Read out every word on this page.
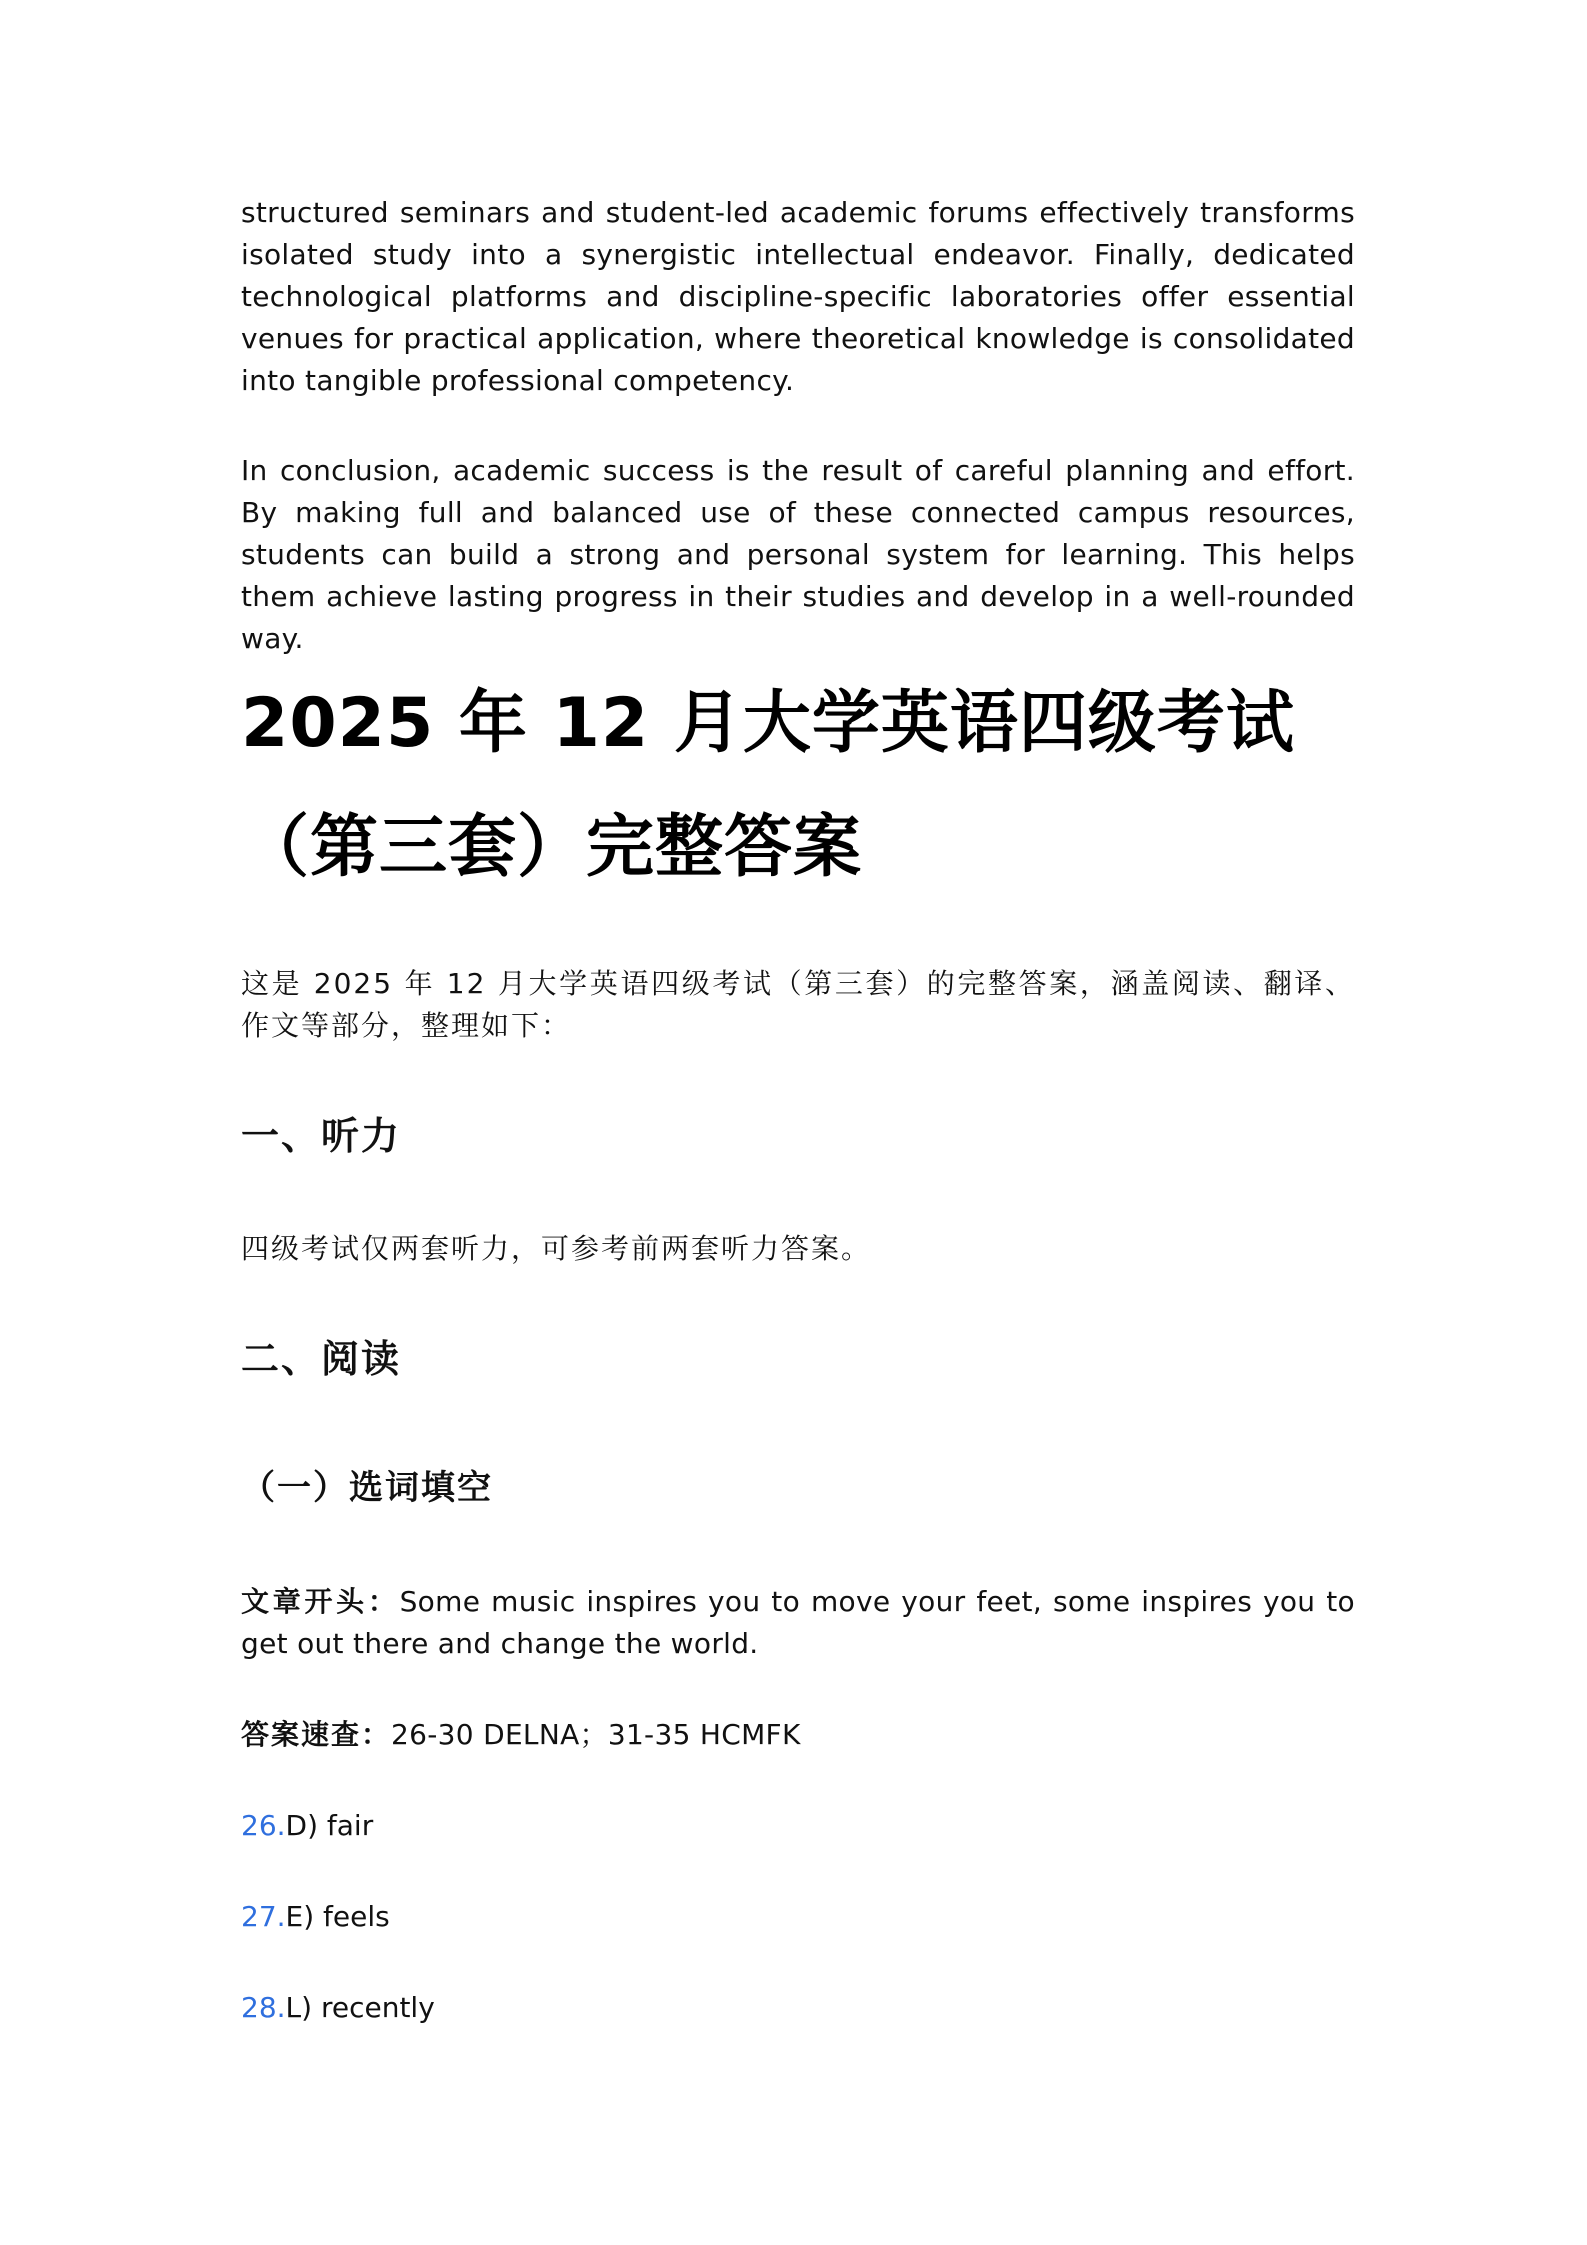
structured seminars and student-led academic forums effectively transforms isolated study into a synergistic intellectual endeavor. Finally, dedicated technological platforms and discipline-specific laboratories offer essential venues for practical application, where theoretical knowledge is consolidated into tangible professional competency.

In conclusion, academic success is the result of careful planning and effort. By making full and balanced use of these connected campus resources, students can build a strong and personal system for learning. This helps them achieve lasting progress in their studies and develop in a well-rounded way.

2025 年 12 月大学英语四级考试（第三套）完整答案

这是 2025 年 12 月大学英语四级考试（第三套）的完整答案，涵盖阅读、翻译、作文等部分，整理如下：

一、听力

四级考试仅两套听力，可参考前两套听力答案。

二、阅读
（一）选词填空

文章开头：Some music inspires you to move your feet, some inspires you to get out there and change the world.

答案速查：26-30 DELNA；31-35 HCMFK

26.D) fair

27.E) feels

28.L) recently
